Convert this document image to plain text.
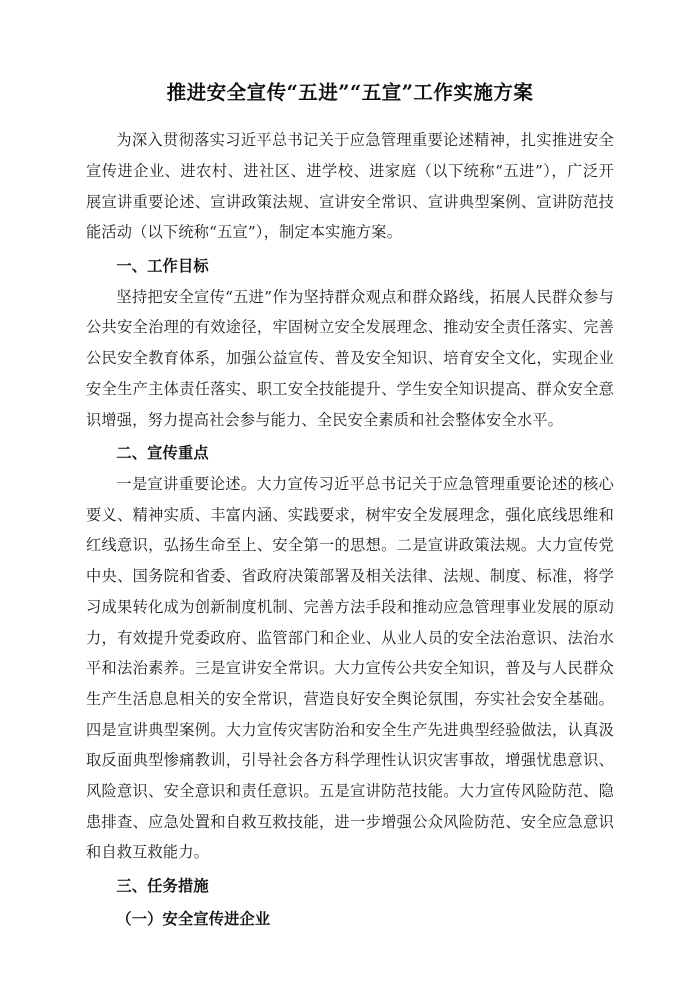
推进安全宣传“五进”“五宣”工作实施方案

为深入贯彻落实习近平总书记关于应急管理重要论述精神，扎实推进安全宣传进企业、进农村、进社区、进学校、进家庭（以下统称“五进”），广泛开展宣讲重要论述、宣讲政策法规、宣讲安全常识、宣讲典型案例、宣讲防范技能活动（以下统称“五宣”），制定本实施方案。

一、工作目标

坚持把安全宣传“五进”作为坚持群众观点和群众路线，拓展人民群众参与公共安全治理的有效途径，牢固树立安全发展理念、推动安全责任落实、完善公民安全教育体系，加强公益宣传、普及安全知识、培育安全文化，实现企业安全生产主体责任落实、职工安全技能提升、学生安全知识提高、群众安全意识增强，努力提高社会参与能力、全民安全素质和社会整体安全水平。

二、宣传重点

一是宣讲重要论述。大力宣传习近平总书记关于应急管理重要论述的核心要义、精神实质、丰富内涵、实践要求，树牢安全发展理念，强化底线思维和红线意识，弘扬生命至上、安全第一的思想。二是宣讲政策法规。大力宣传党中央、国务院和省委、省政府决策部署及相关法律、法规、制度、标准，将学习成果转化成为创新制度机制、完善方法手段和推动应急管理事业发展的原动力，有效提升党委政府、监管部门和企业、从业人员的安全法治意识、法治水平和法治素养。三是宣讲安全常识。大力宣传公共安全知识，普及与人民群众生产生活息息相关的安全常识，营造良好安全舆论氛围，夯实社会安全基础。四是宣讲典型案例。大力宣传灾害防治和安全生产先进典型经验做法，认真汲取反面典型惨痛教训，引导社会各方科学理性认识灾害事故，增强忧患意识、风险意识、安全意识和责任意识。五是宣讲防范技能。大力宣传风险防范、隐患排查、应急处置和自救互救技能，进一步增强公众风险防范、安全应急意识和自救互救能力。

三、任务措施

（一）安全宣传进企业
